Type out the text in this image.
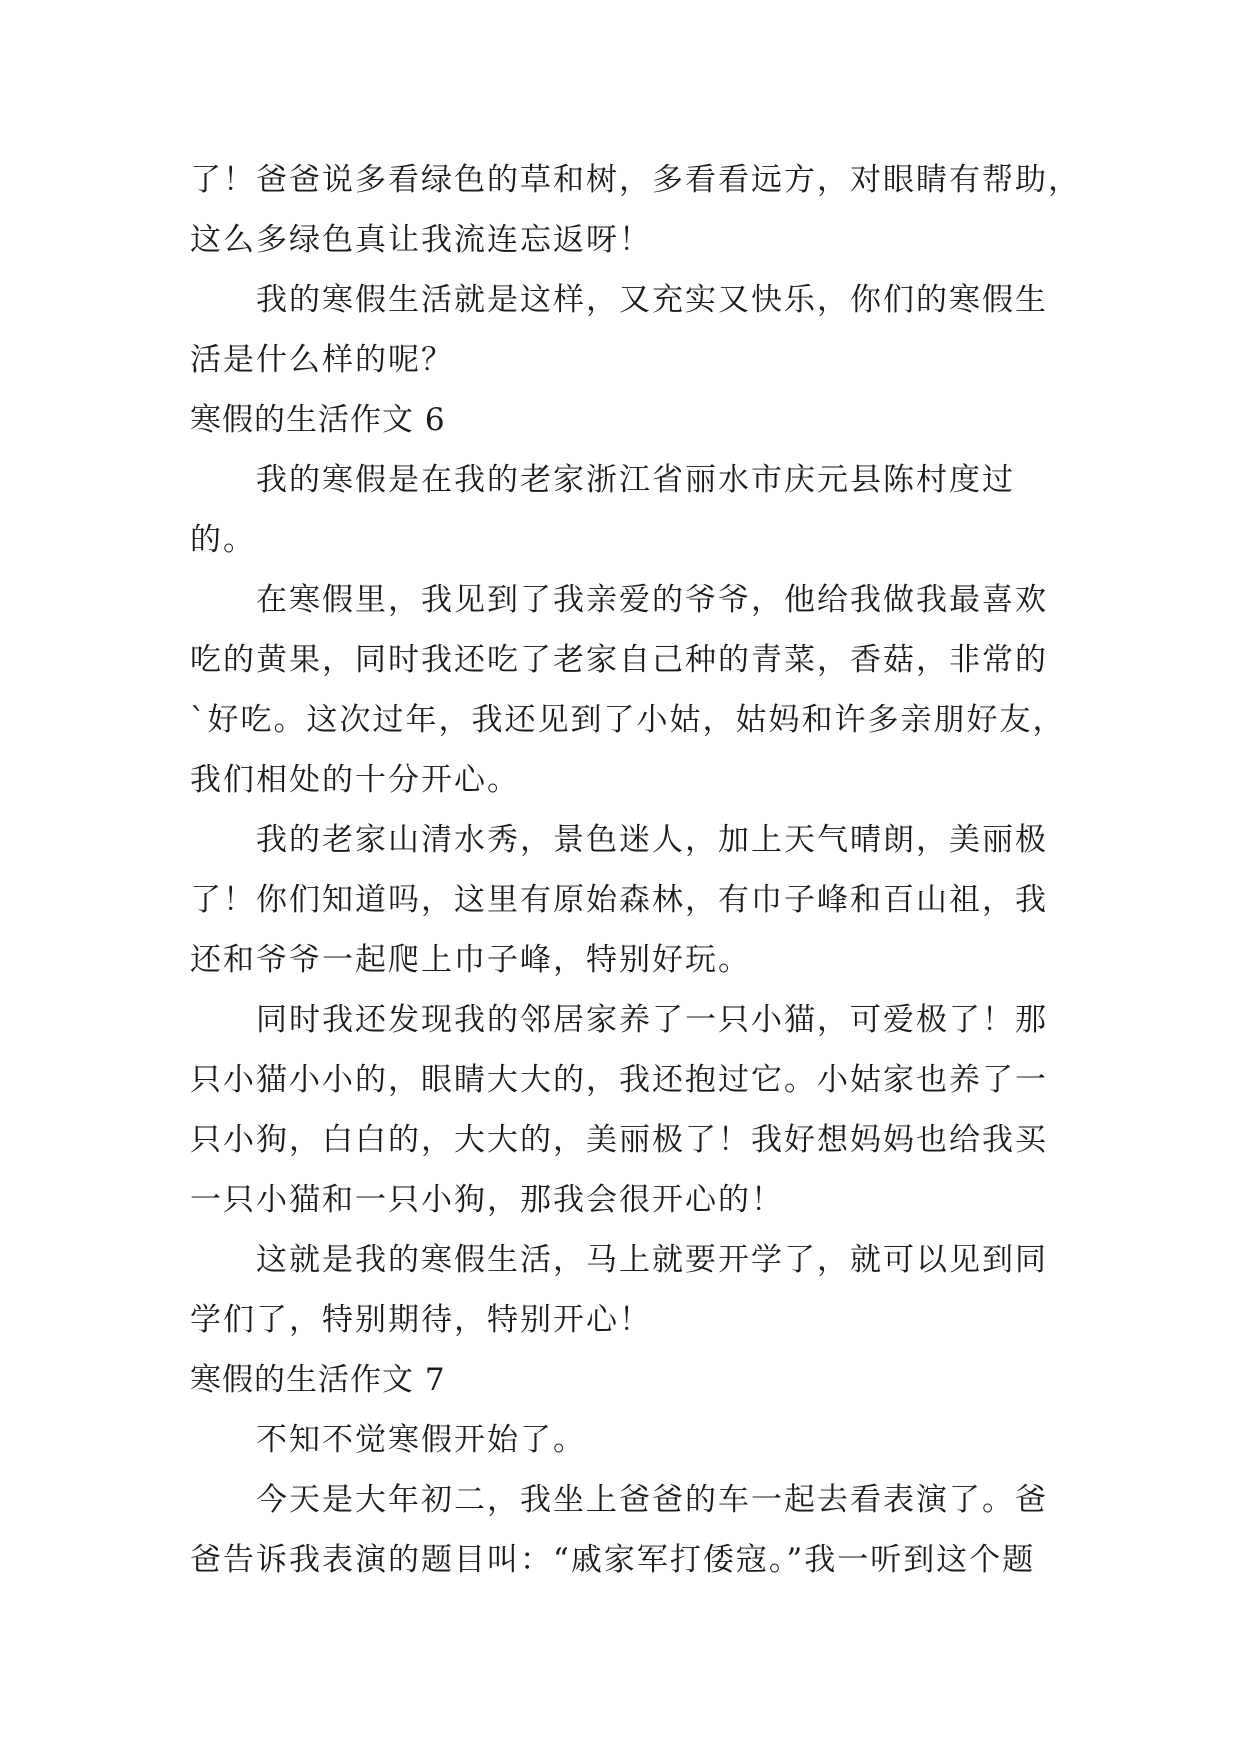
了！爸爸说多看绿色的草和树，多看看远方，对眼睛有帮助，
这么多绿色真让我流连忘返呀！
我的寒假生活就是这样，又充实又快乐，你们的寒假生
活是什么样的呢？
寒假的生活作文 6
我的寒假是在我的老家浙江省丽水市庆元县陈村度过
的。
在寒假里，我见到了我亲爱的爷爷，他给我做我最喜欢
吃的黄果，同时我还吃了老家自己种的青菜，香菇，非常的
`好吃。这次过年，我还见到了小姑，姑妈和许多亲朋好友，
我们相处的十分开心。
我的老家山清水秀，景色迷人，加上天气晴朗，美丽极
了！你们知道吗，这里有原始森林，有巾子峰和百山祖，我
还和爷爷一起爬上巾子峰，特别好玩。
同时我还发现我的邻居家养了一只小猫，可爱极了！那
只小猫小小的，眼睛大大的，我还抱过它。小姑家也养了一
只小狗，白白的，大大的，美丽极了！我好想妈妈也给我买
一只小猫和一只小狗，那我会很开心的！
这就是我的寒假生活，马上就要开学了，就可以见到同
学们了，特别期待，特别开心！
寒假的生活作文 7
不知不觉寒假开始了。
今天是大年初二，我坐上爸爸的车一起去看表演了。爸
爸告诉我表演的题目叫：“戚家军打倭寇。”我一听到这个题
